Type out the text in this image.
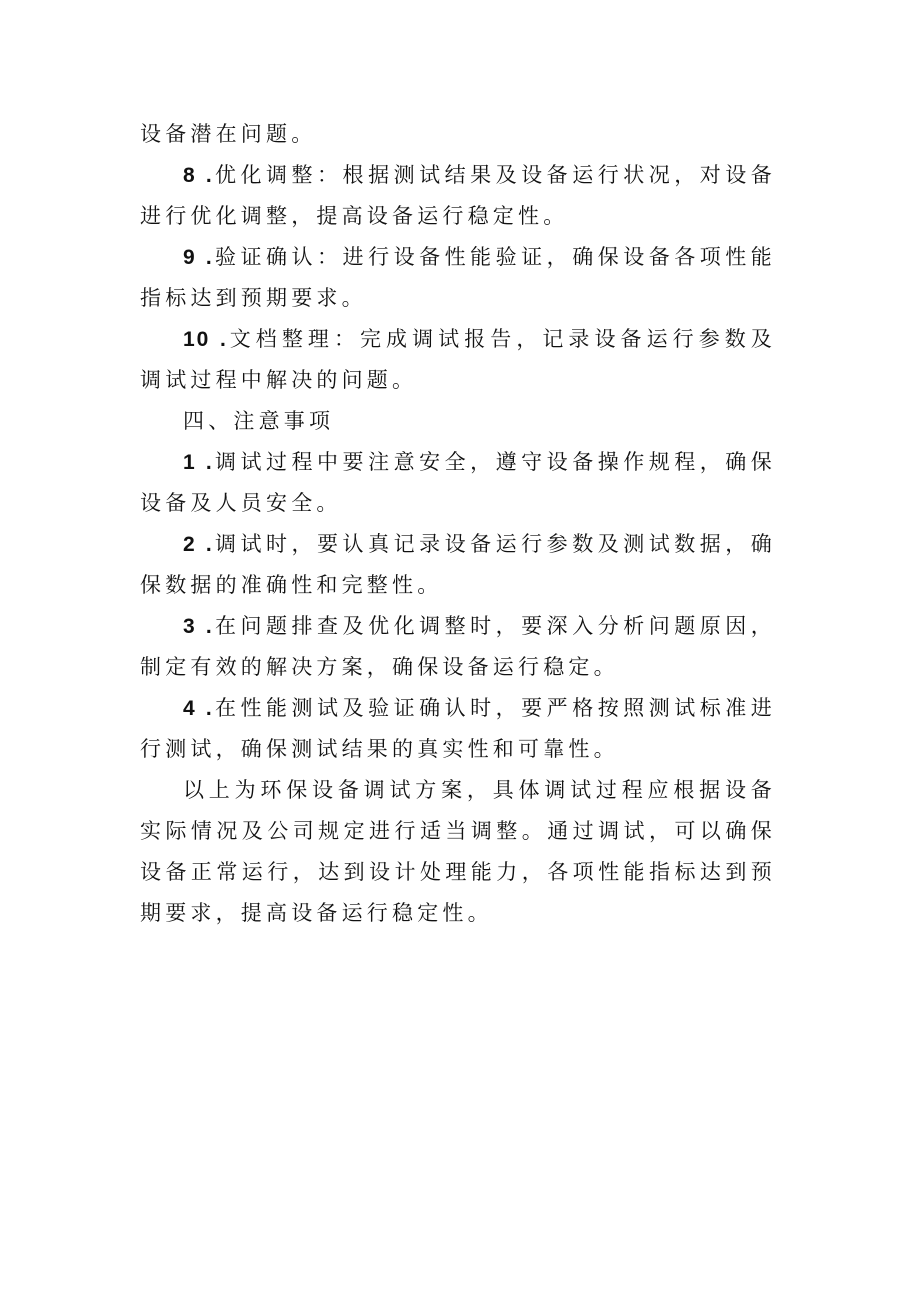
设备潜在问题。

8 .优化调整：根据测试结果及设备运行状况，对设备进行优化调整，提高设备运行稳定性。

9 .验证确认：进行设备性能验证，确保设备各项性能指标达到预期要求。

10 .文档整理：完成调试报告，记录设备运行参数及调试过程中解决的问题。

四、注意事项

1 .调试过程中要注意安全，遵守设备操作规程，确保设备及人员安全。

2 .调试时，要认真记录设备运行参数及测试数据，确保数据的准确性和完整性。

3 .在问题排查及优化调整时，要深入分析问题原因，制定有效的解决方案，确保设备运行稳定。

4 .在性能测试及验证确认时，要严格按照测试标准进行测试，确保测试结果的真实性和可靠性。

以上为环保设备调试方案，具体调试过程应根据设备实际情况及公司规定进行适当调整。通过调试，可以确保设备正常运行，达到设计处理能力，各项性能指标达到预期要求，提高设备运行稳定性。
